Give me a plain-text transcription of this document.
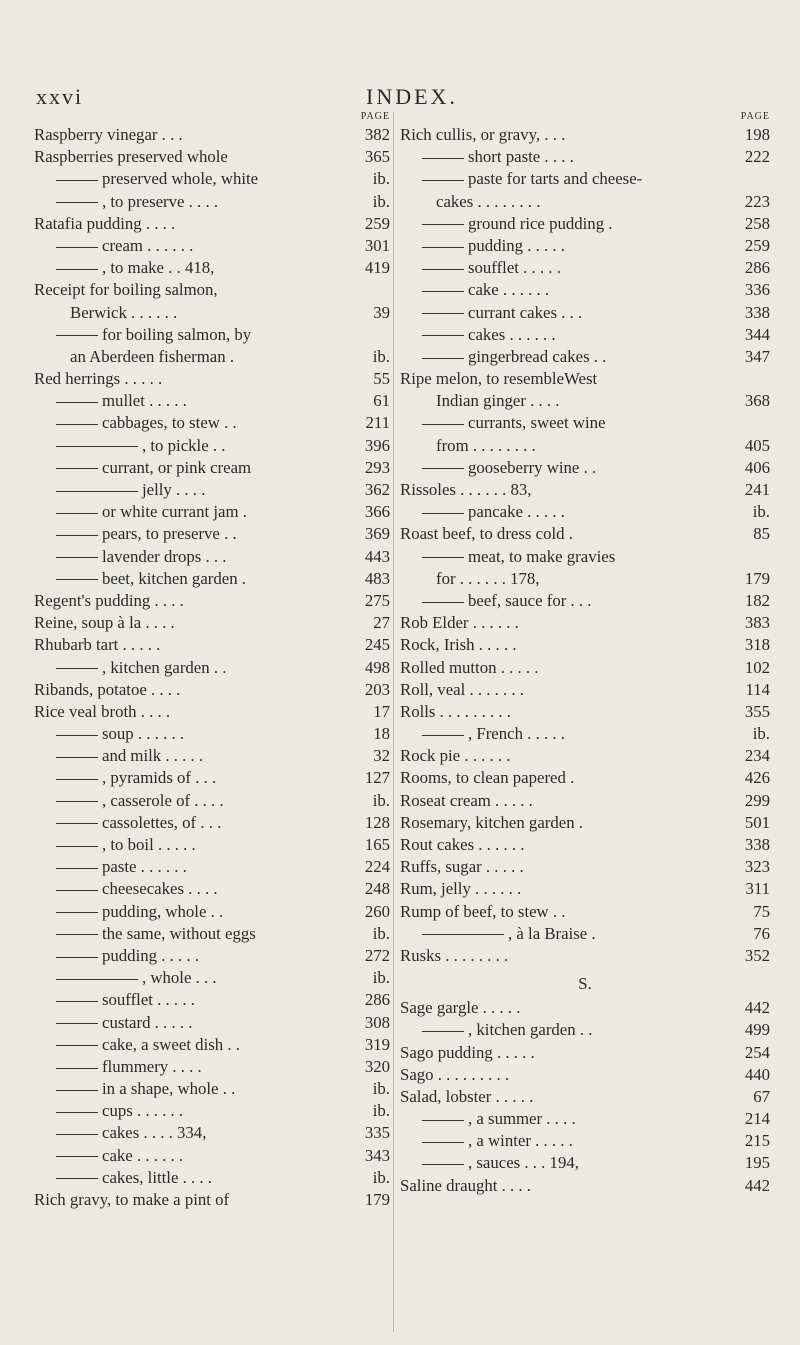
xxvi	INDEX.
PAGE
Raspberry vinegar . . .	382
Raspberries preserved whole	365
preserved whole, white	ib.
, to preserve . . . .	ib.
Ratafia pudding . . . .	259
cream . . . . . .	301
, to make . . 418,	419
Receipt for boiling salmon,
Berwick . . . . . .	39
for boiling salmon, by
an Aberdeen fisherman .	ib.
Red herrings . . . . .	55
mullet . . . . .	61
cabbages, to stew . .	211
, to pickle . .	396
currant, or pink cream	293
jelly . . . .	362
or white currant jam .	366
pears, to preserve . .	369
lavender drops . . .	443
beet, kitchen garden .	483
Regent's pudding . . . .	275
Reine, soup à la . . . .	27
Rhubarb tart . . . . .	245
, kitchen garden . .	498
Ribands, potatoe . . . .	203
Rice veal broth . . . .	17
soup . . . . . .	18
and milk . . . . .	32
, pyramids of . . .	127
, casserole of . . . .	ib.
cassolettes, of . . .	128
, to boil . . . . .	165
paste . . . . . .	224
cheesecakes . . . .	248
pudding, whole . .	260
the same, without eggs	ib.
pudding . . . . .	272
, whole . . .	ib.
soufflet . . . . .	286
custard . . . . .	308
cake, a sweet dish . .	319
flummery . . . .	320
in a shape, whole . .	ib.
cups . . . . . .	ib.
cakes . . . . 334,	335
cake . . . . . .	343
cakes, little . . . .	ib.
Rich gravy, to make a pint of	179
PAGE
Rich cullis, or gravy, . . .	198
short paste . . . .	222
paste for tarts and cheese-
cakes . . . . . . . .	223
ground rice pudding .	258
pudding . . . . .	259
soufflet . . . . .	286
cake . . . . . .	336
currant cakes . . .	338
cakes . . . . . .	344
gingerbread cakes . .	347
Ripe melon, to resembleWest
Indian ginger . . . .	368
currants, sweet wine
from . . . . . . . .	405
gooseberry wine . .	406
Rissoles . . . . . . 83,	241
pancake . . . . .	ib.
Roast beef, to dress cold .	85
meat, to make gravies
for . . . . . . 178,	179
beef, sauce for . . .	182
Rob Elder . . . . . .	383
Rock, Irish . . . . .	318
Rolled mutton . . . . .	102
Roll, veal . . . . . . .	114
Rolls . . . . . . . . .	355
, French . . . . .	ib.
Rock pie . . . . . .	234
Rooms, to clean papered .	426
Roseat cream . . . . .	299
Rosemary, kitchen garden .	501
Rout cakes . . . . . .	338
Ruffs, sugar . . . . .	323
Rum, jelly . . . . . .	311
Rump of beef, to stew . .	75
, à la Braise .	76
Rusks . . . . . . . .	352
S.
Sage gargle . . . . .	442
, kitchen garden . .	499
Sago pudding . . . . .	254
Sago . . . . . . . . .	440
Salad, lobster . . . . .	67
, a summer . . . .	214
, a winter . . . . .	215
, sauces . . . 194,	195
Saline draught . . . .	442
